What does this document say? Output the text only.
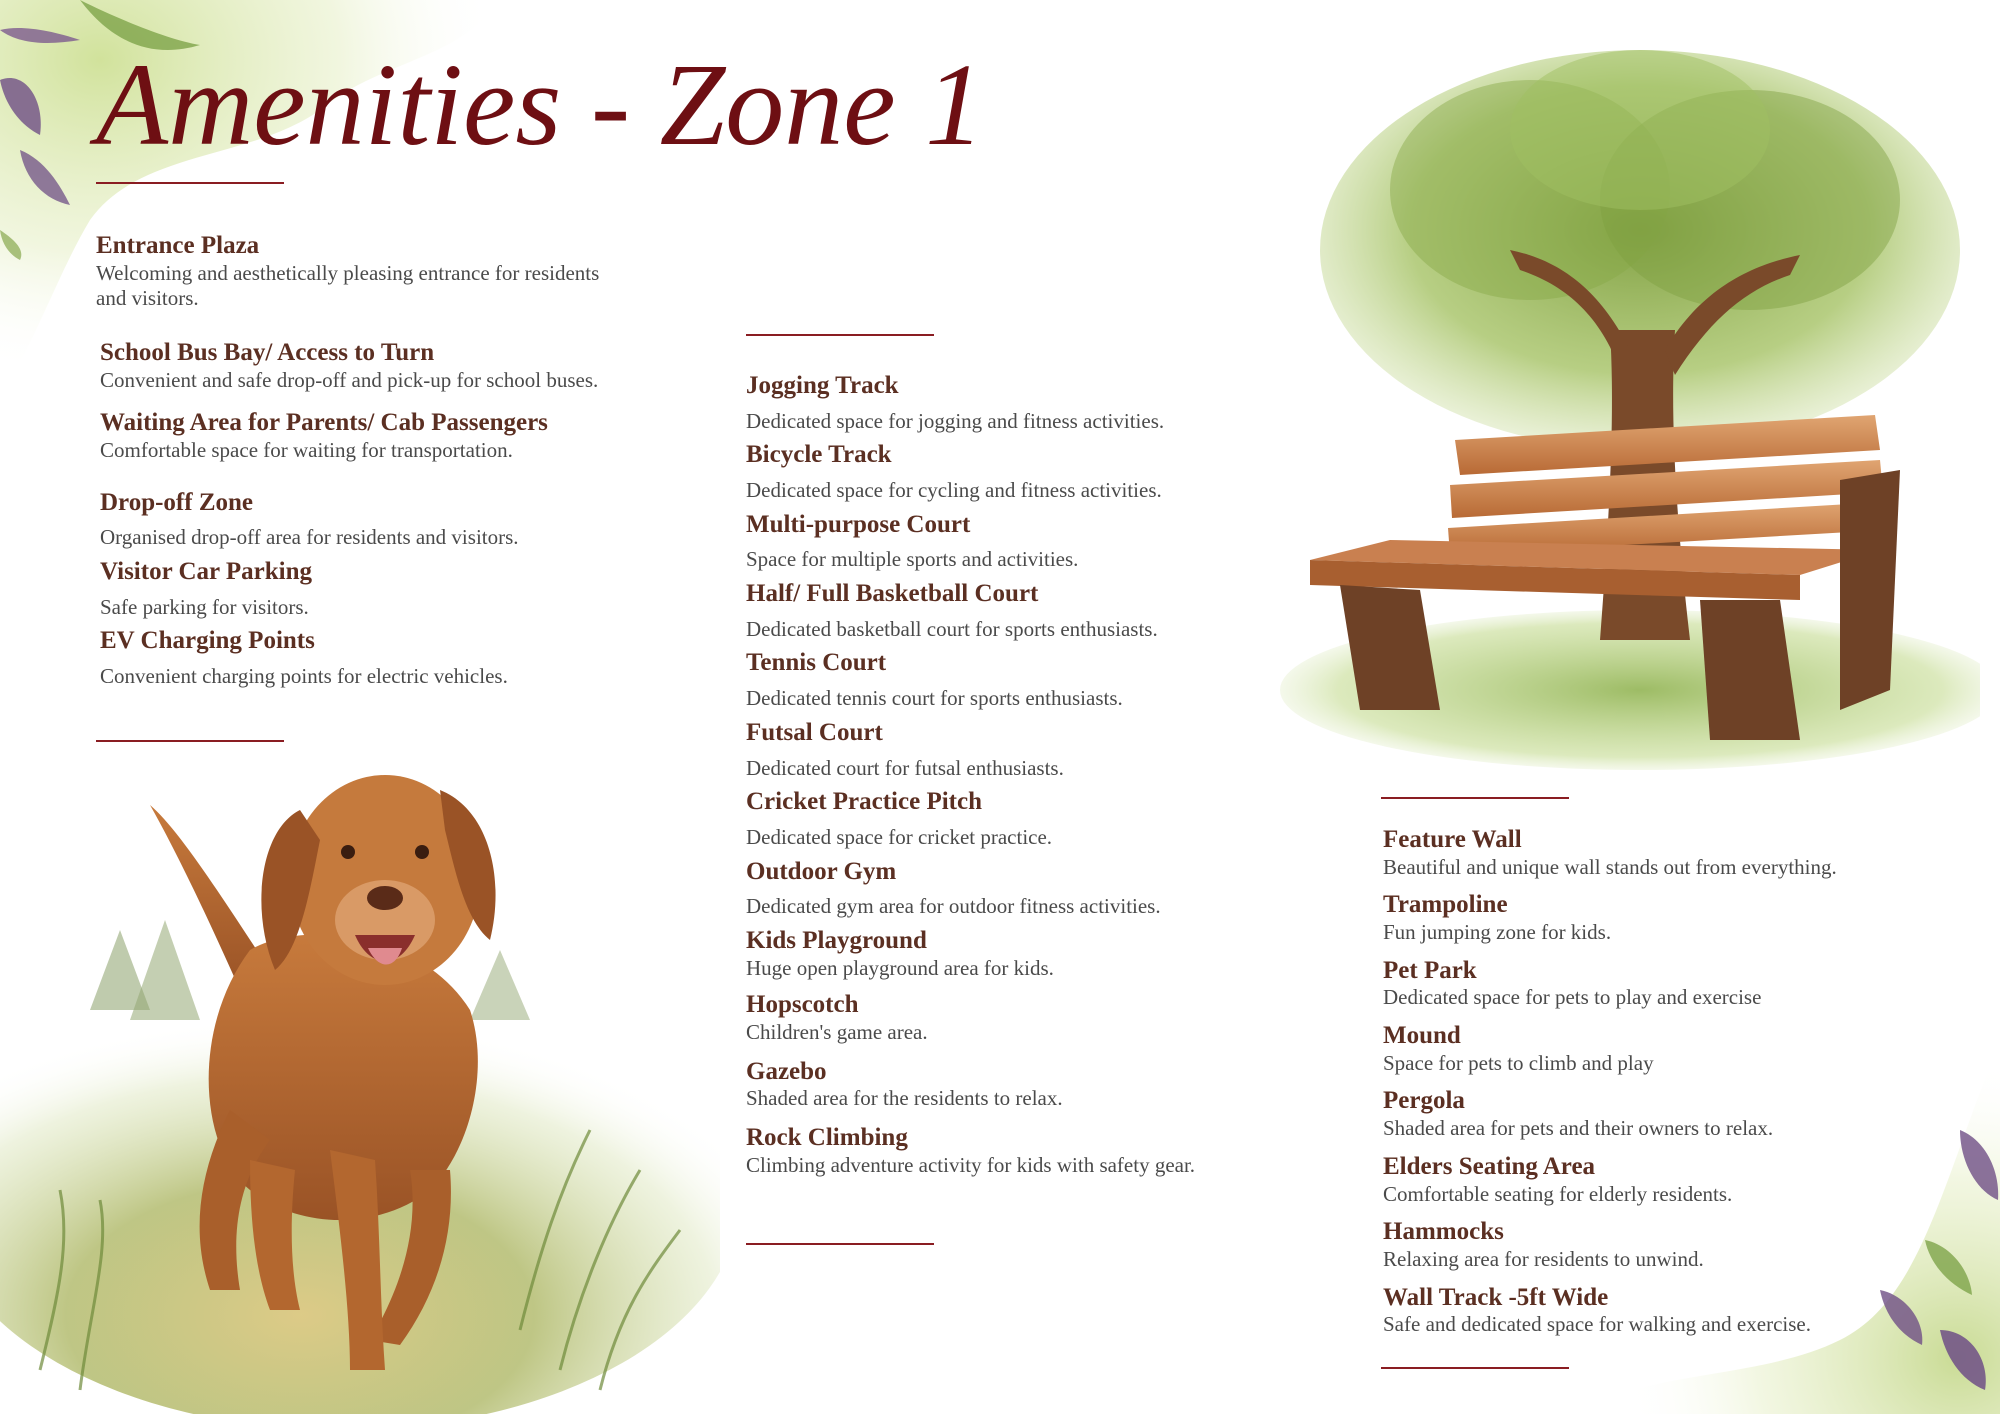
Amenities - Zone 1
Entrance Plaza

Welcoming and aesthetically pleasing entrance for residents and visitors.

School Bus Bay/ Access to Turn

Convenient and safe drop-off and pick-up for school buses.

Waiting Area for Parents/ Cab Passengers

Comfortable space for waiting for transportation.

Drop-off Zone

Organised drop-off area for residents and visitors.

Visitor Car Parking

Safe parking for visitors.

EV Charging Points

Convenient charging points for electric vehicles.

Jogging Track

Dedicated space for jogging and fitness activities.

Bicycle Track

Dedicated space for cycling and fitness activities.

Multi-purpose Court

Space for multiple sports and activities.

Half/ Full Basketball Court

Dedicated basketball court for sports enthusiasts.

Tennis Court

Dedicated tennis court for sports enthusiasts.

Futsal Court

Dedicated court for futsal enthusiasts.

Cricket Practice Pitch

Dedicated space for cricket practice.

Outdoor Gym

Dedicated gym area for outdoor fitness activities.

Kids Playground

Huge open playground area for kids.

Hopscotch

Children's game area.

Gazebo

Shaded area for the residents to relax.

Rock Climbing

Climbing adventure activity for kids with safety gear.

Feature Wall

Beautiful and unique wall stands out from everything.

Trampoline

Fun jumping zone for kids.

Pet Park

Dedicated space for pets to play and exercise

Mound

Space for pets to climb and play

Pergola

Shaded area for pets and their owners to relax.

Elders Seating Area

Comfortable seating for elderly residents.

Hammocks

Relaxing area for residents to unwind.

Wall Track -5ft Wide

Safe and dedicated space for walking and exercise.
